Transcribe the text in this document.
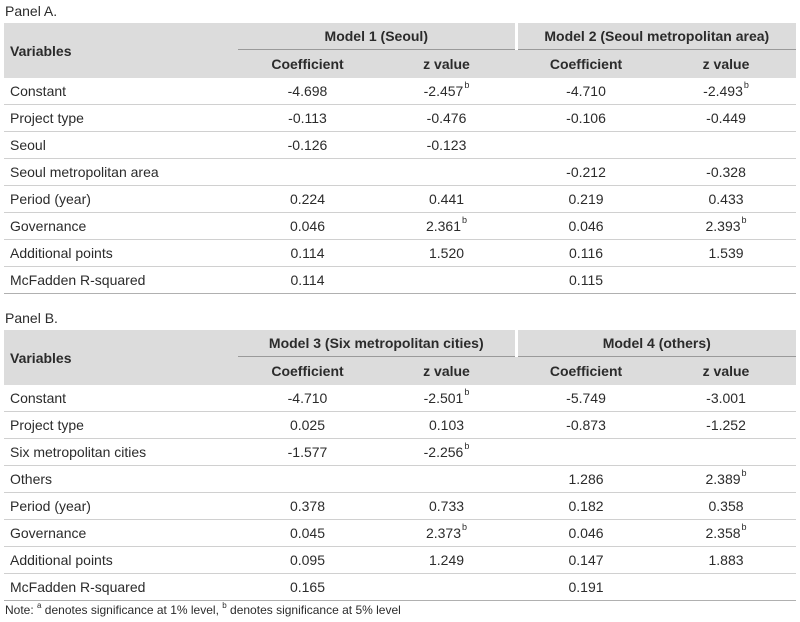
Panel A.
Variables	Model 1 (Seoul)		Model 2 (Seoul metropolitan area)	
	Coefficient	z value	Coefficient	z value
Constant	-4.698	-2.457$^b$	-4.710	-2.493$^b$
Project type	-0.113	-0.476	-0.106	-0.449
Seoul	-0.126	-0.123		
Seoul metropolitan area			-0.212	-0.328
Period (year)	0.224	0.441	0.219	0.433
Governance	0.046	2.361$^b$	0.046	2.393$^b$
Additional points	0.114	1.520	0.116	1.539
McFadden R-squared	0.114		0.115	
Panel B.
Variables	Model 3 (Six metropolitan cities)		Model 4 (others)	
	Coefficient	z value	Coefficient	z value
Constant	-4.710	-2.501$^b$	-5.749	-3.001
Project type	0.025	0.103	-0.873	-1.252
Six metropolitan cities	-1.577	-2.256$^b$		
Others			1.286	2.389$^b$
Period (year)	0.378	0.733	0.182	0.358
Governance	0.045	2.373$^b$	0.046	2.358$^b$
Additional points	0.095	1.249	0.147	1.883
McFadden R-squared	0.165		0.191	
Note: $^a$ denotes significance at 1% level, $^b$ denotes significance at 5% level
